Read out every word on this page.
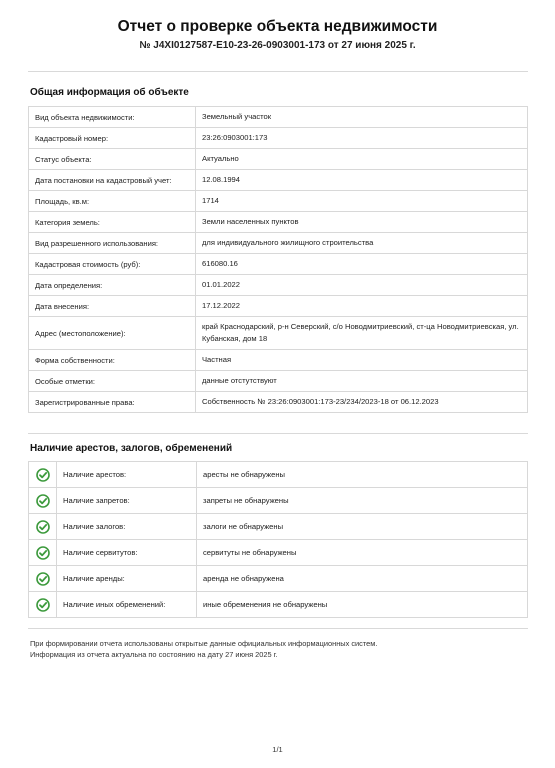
Отчет о проверке объекта недвижимости
№ J4XI0127587-E10-23-26-0903001-173 от 27 июня 2025 г.
Общая информация об объекте
Вид объекта недвижимости:	Земельный участок
Кадастровый номер:	23:26:0903001:173
Статус объекта:	Актуально
Дата постановки на кадастровый учет:	12.08.1994
Площадь, кв.м:	1714
Категория земель:	Земли населенных пунктов
Вид разрешенного использования:	для индивидуального жилищного строительства
Кадастровая стоимость (руб):	616080.16
Дата определения:	01.01.2022
Дата внесения:	17.12.2022
Адрес (местоположение):	край Краснодарский, р-н Северский, с/о Новодмитриевский, ст-ца Новодмитриевская, ул. Кубанская, дом 18
Форма собственности:	Частная
Особые отметки:	данные отстутствуют
Зарегистрированные права:	Собственность № 23:26:0903001:173-23/234/2023-18 от 06.12.2023
Наличие арестов, залогов, обременений
	Наличие арестов:	аресты не обнаружены
	Наличие запретов:	запреты не обнаружены
	Наличие залогов:	залоги не обнаружены
	Наличие сервитутов:	сервитуты не обнаружены
	Наличие аренды:	аренда не обнаружена
	Наличие иных обременений:	иные обременения не обнаружены
При формировании отчета использованы открытые данные официальных информационных систем.
Информация из отчета актуальна по состоянию на дату 27 июня 2025 г.
1/1
